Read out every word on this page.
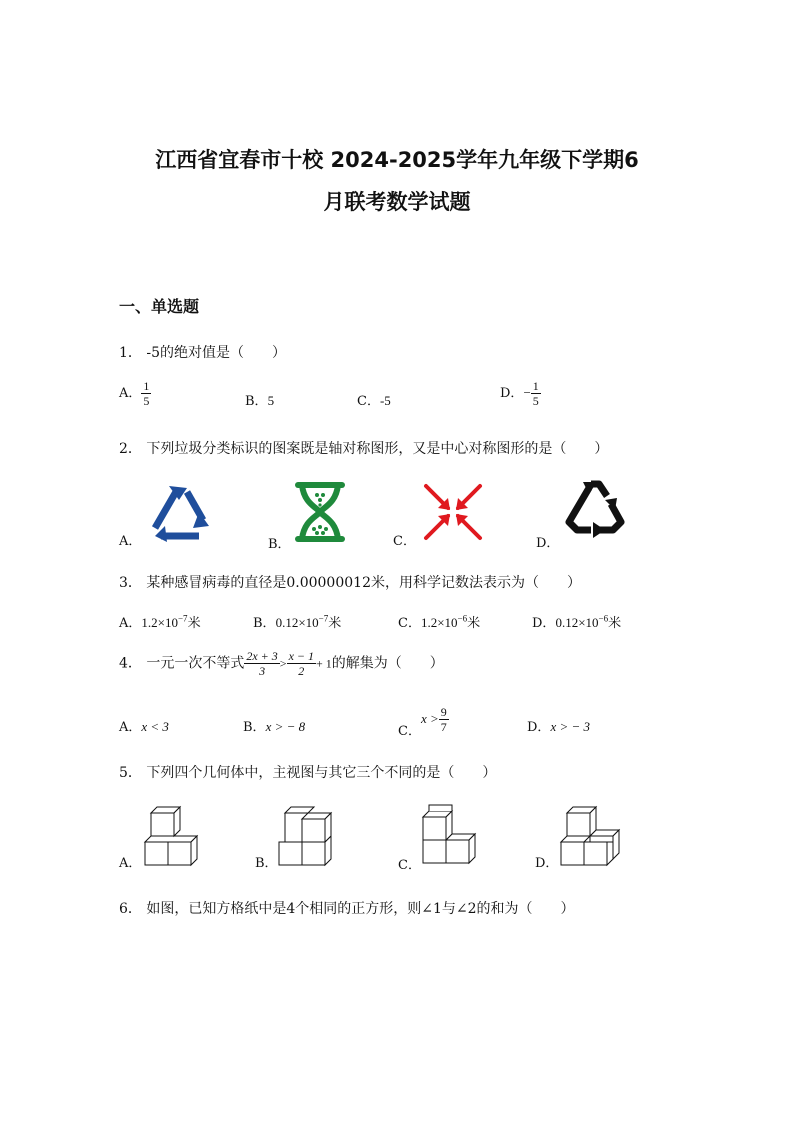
江西省宜春市十校 2024-2025学年九年级下学期6
月联考数学试题
一、单选题
1． -5的绝对值是（　　）
A． $\frac{1}{5}$	B．5	C．-5	D．− $\frac{1}{5}$
2． 下列垃圾分类标识的图案既是轴对称图形，又是中心对称图形的是（　　）
A．	B．	C．	D．
3． 某种感冒病毒的直径是0.00000012米，用科学记数法表示为（　　）
A．$1.2\times 10^{-7}$米	B．$0.12\times 10^{-7}$米	C．$1.2\times 10^{-6}$米	D．$0.12\times 10^{-6}$米
4． 一元一次不等式 $\frac{2x + 3}{3} > \frac{x - 1}{2} + 1$的解集为（　　）
A．x < 3	B．x > − 8	C．$x > \frac{9}{7}$	D．x > − 3
5． 下列四个几何体中，主视图与其它三个不同的是（　　）
A．	B．	C．	D．
6． 如图，已知方格纸中是4个相同的正方形，则∠1与∠2的和为（　　）
